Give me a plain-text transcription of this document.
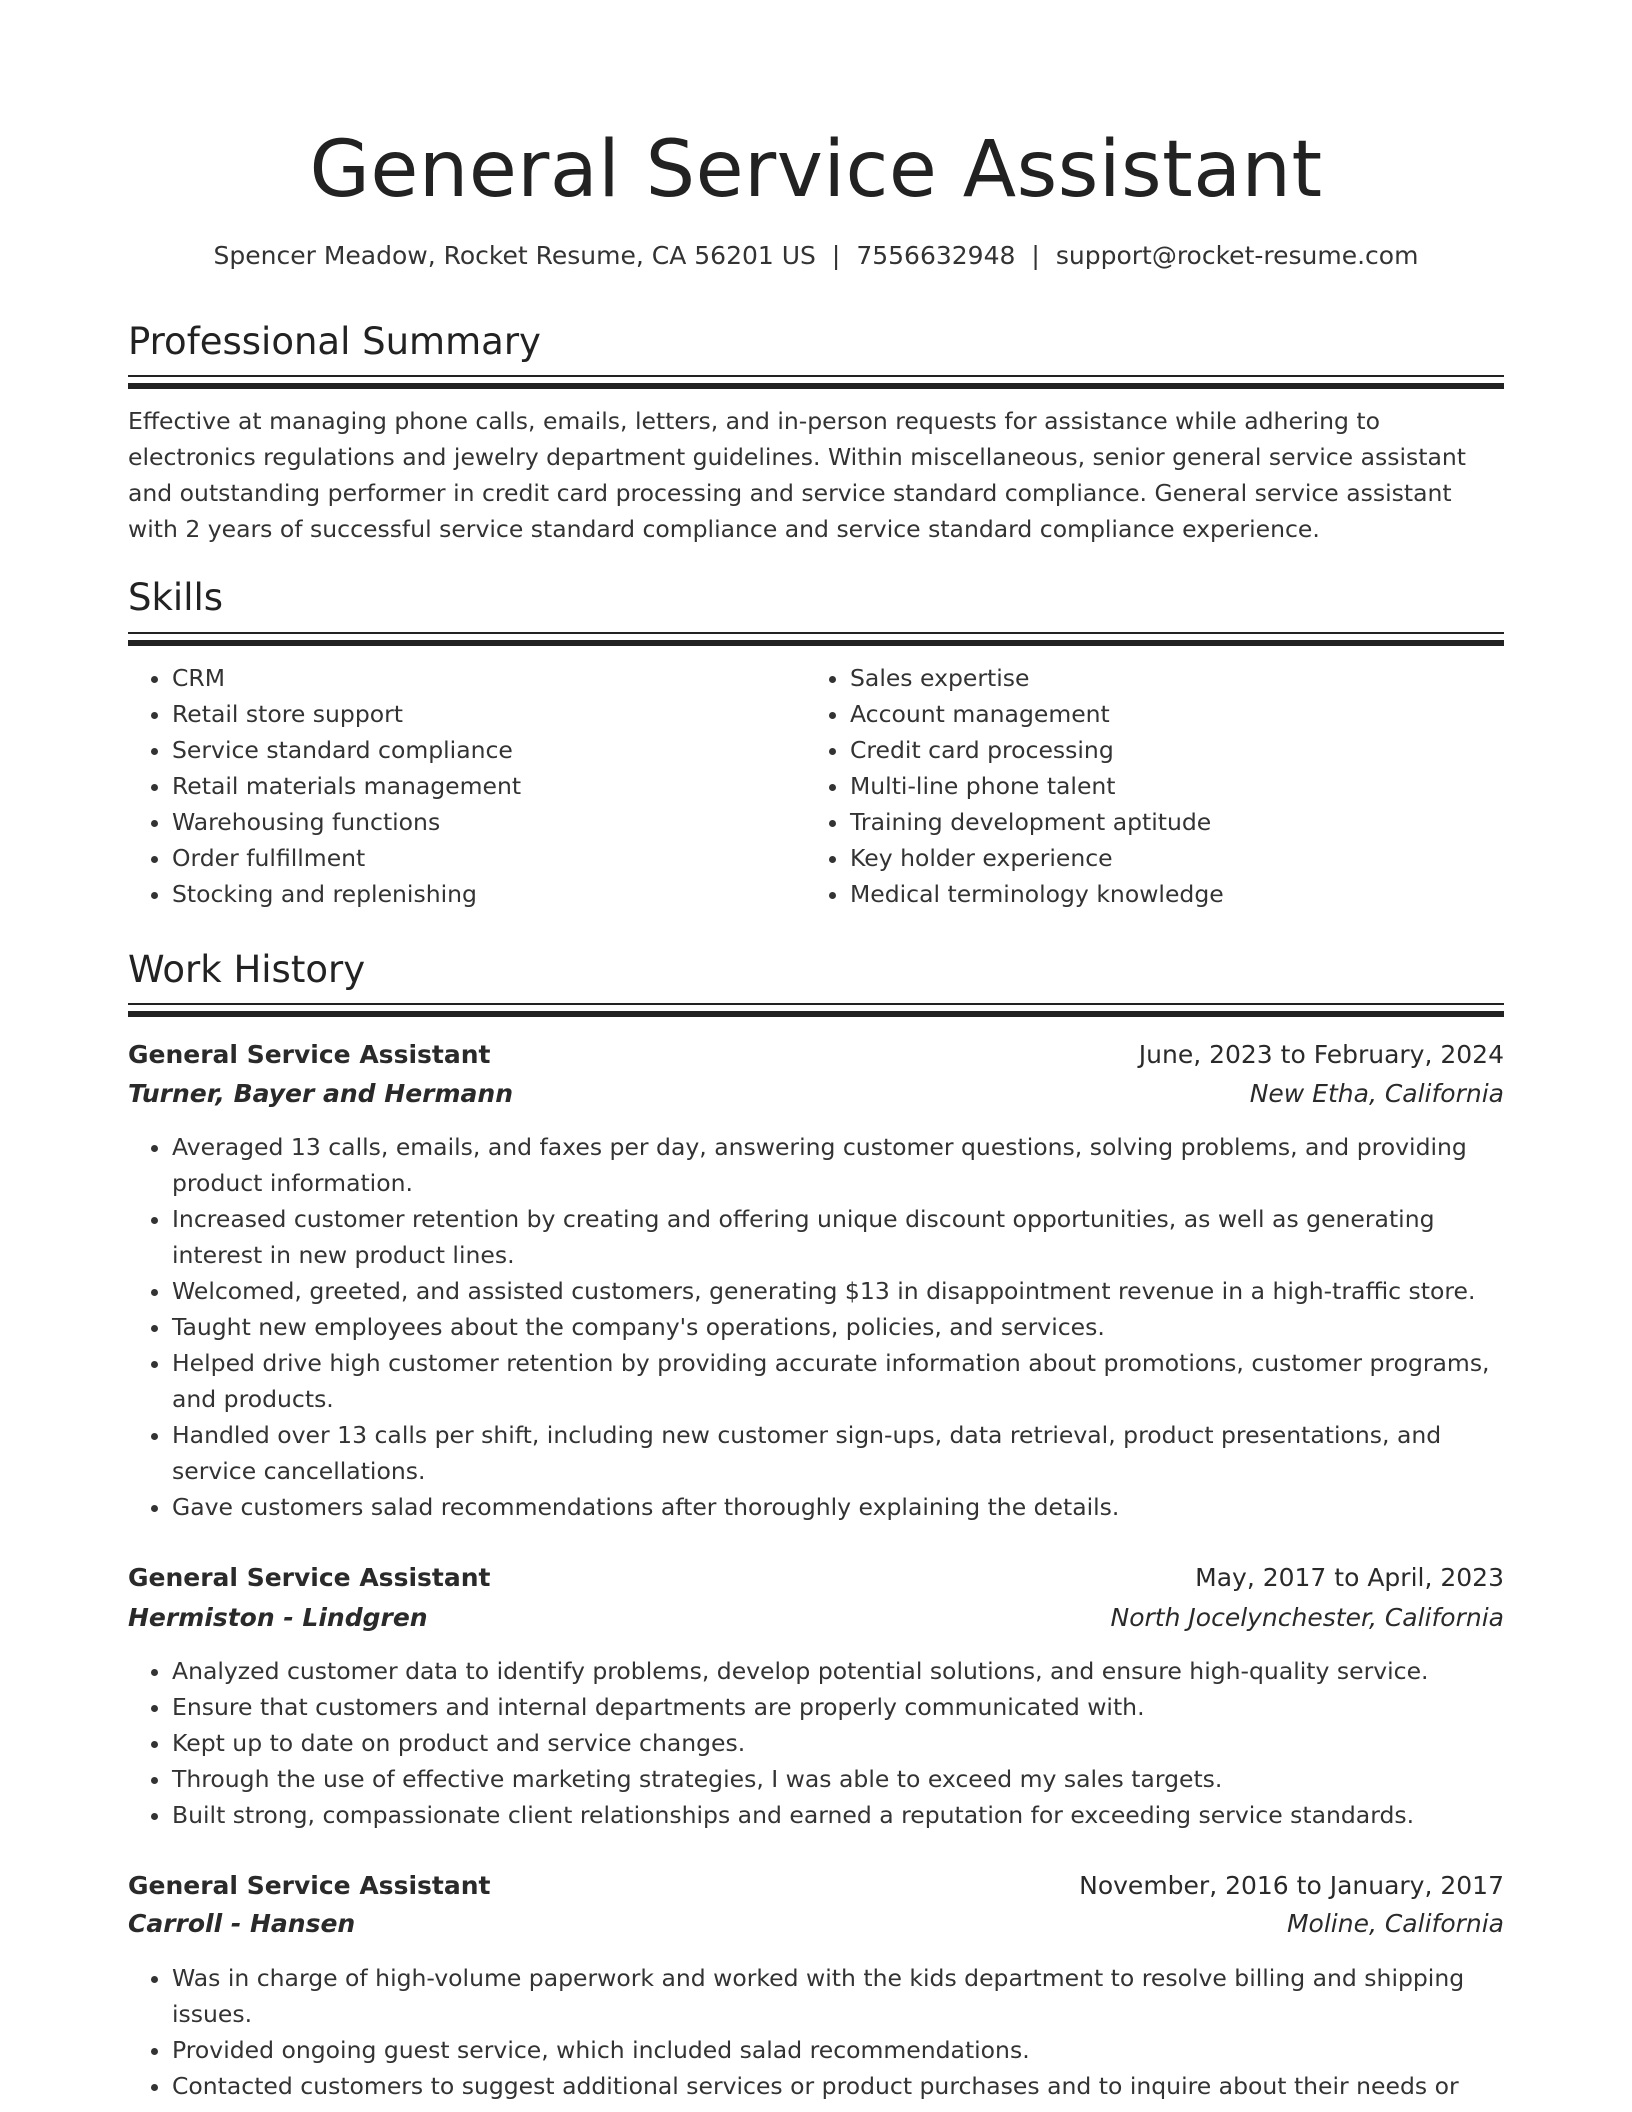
General Service Assistant
Spencer Meadow, Rocket Resume, CA 56201 US | 7556632948 | support@rocket-resume.com
Professional Summary

Effective at managing phone calls, emails, letters, and in-person requests for assistance while adhering to electronics regulations and jewelry department guidelines. Within miscellaneous, senior general service assistant and outstanding performer in credit card processing and service standard compliance. General service assistant with 2 years of successful service standard compliance and service standard compliance experience.

Skills
• CRM
• Retail store support
• Service standard compliance
• Retail materials management
• Warehousing functions
• Order fulfillment
• Stocking and replenishing
• Sales expertise
• Account management
• Credit card processing
• Multi-line phone talent
• Training development aptitude
• Key holder experience
• Medical terminology knowledge
Work History
General Service Assistant	June, 2023 to February, 2024
Turner, Bayer and Hermann	New Etha, California
• Averaged 13 calls, emails, and faxes per day, answering customer questions, solving problems, and providing product information.
• Increased customer retention by creating and offering unique discount opportunities, as well as generating interest in new product lines.
• Welcomed, greeted, and assisted customers, generating $13 in disappointment revenue in a high-traffic store.
• Taught new employees about the company's operations, policies, and services.
• Helped drive high customer retention by providing accurate information about promotions, customer programs, and products.
• Handled over 13 calls per shift, including new customer sign-ups, data retrieval, product presentations, and service cancellations.
• Gave customers salad recommendations after thoroughly explaining the details.
General Service Assistant	May, 2017 to April, 2023
Hermiston - Lindgren	North Jocelynchester, California
• Analyzed customer data to identify problems, develop potential solutions, and ensure high-quality service.
• Ensure that customers and internal departments are properly communicated with.
• Kept up to date on product and service changes.
• Through the use of effective marketing strategies, I was able to exceed my sales targets.
• Built strong, compassionate client relationships and earned a reputation for exceeding service standards.
General Service Assistant	November, 2016 to January, 2017
Carroll - Hansen	Moline, California
• Was in charge of high-volume paperwork and worked with the kids department to resolve billing and shipping issues.
• Provided ongoing guest service, which included salad recommendations.
• Contacted customers to suggest additional services or product purchases and to inquire about their needs or
